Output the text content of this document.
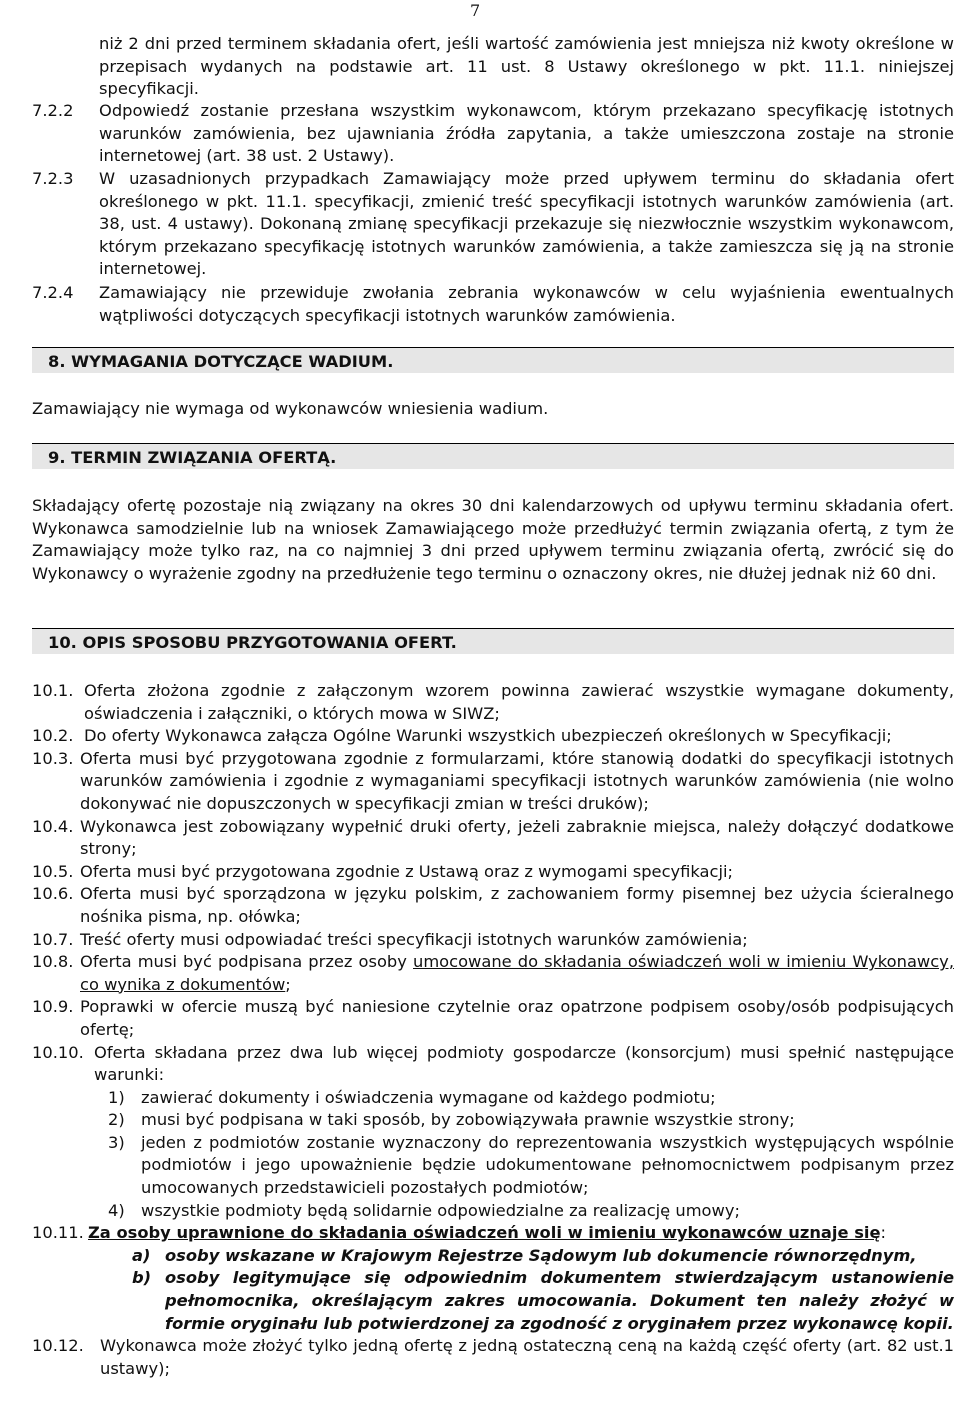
7
niż 2 dni przed terminem składania ofert, jeśli wartość zamówienia jest mniejsza niż kwoty określone w przepisach wydanych na podstawie art. 11 ust. 8 Ustawy określonego w pkt. 11.1. niniejszej specyfikacji.
7.2.2	Odpowiedź zostanie przesłana wszystkim wykonawcom, którym przekazano specyfikację istotnych warunków zamówienia, bez ujawniania źródła zapytania, a także umieszczona zostaje na stronie internetowej (art. 38 ust. 2 Ustawy).
7.2.3	W uzasadnionych przypadkach Zamawiający może przed upływem terminu do składania ofert określonego w pkt. 11.1. specyfikacji, zmienić treść specyfikacji istotnych warunków zamówienia (art. 38, ust. 4 ustawy). Dokonaną zmianę specyfikacji przekazuje się niezwłocznie wszystkim wykonawcom, którym przekazano specyfikację istotnych warunków zamówienia, a także zamieszcza się ją na stronie internetowej.
7.2.4	Zamawiający nie przewiduje zwołania zebrania wykonawców w celu wyjaśnienia ewentualnych wątpliwości dotyczących specyfikacji istotnych warunków zamówienia.
8. WYMAGANIA DOTYCZĄCE WADIUM.
Zamawiający nie wymaga od wykonawców wniesienia wadium.
9. TERMIN ZWIĄZANIA OFERTĄ.
Składający ofertę pozostaje nią związany na okres 30 dni kalendarzowych od upływu terminu składania ofert. Wykonawca samodzielnie lub na wniosek Zamawiającego może przedłużyć termin związania ofertą, z tym że Zamawiający może tylko raz, na co najmniej 3 dni przed upływem terminu związania ofertą, zwrócić się do Wykonawcy o wyrażenie zgodny na przedłużenie tego terminu o oznaczony okres, nie dłużej jednak niż 60 dni.
10. OPIS SPOSOBU PRZYGOTOWANIA OFERT.
10.1. Oferta złożona zgodnie z załączonym wzorem powinna zawierać wszystkie wymagane dokumenty, oświadczenia i załączniki, o których mowa w SIWZ;
10.2. Do oferty Wykonawca załącza Ogólne Warunki wszystkich ubezpieczeń określonych w Specyfikacji;
10.3. Oferta musi być przygotowana zgodnie z formularzami, które stanowią dodatki do specyfikacji istotnych warunków zamówienia i zgodnie z wymaganiami specyfikacji istotnych warunków zamówienia (nie wolno dokonywać nie dopuszczonych w specyfikacji zmian w treści druków);
10.4. Wykonawca jest zobowiązany wypełnić druki oferty, jeżeli zabraknie miejsca, należy dołączyć dodatkowe strony;
10.5. Oferta musi być przygotowana zgodnie z Ustawą oraz z wymogami specyfikacji;
10.6. Oferta musi być sporządzona w języku polskim, z zachowaniem formy pisemnej bez użycia ścieralnego nośnika pisma, np. ołówka;
10.7. Treść oferty musi odpowiadać treści specyfikacji istotnych warunków zamówienia;
10.8. Oferta musi być podpisana przez osoby umocowane do składania oświadczeń woli w imieniu Wykonawcy, co wynika z dokumentów;
10.9. Poprawki w ofercie muszą być naniesione czytelnie oraz opatrzone podpisem osoby/osób podpisujących ofertę;
10.10. Oferta składana przez dwa lub więcej podmioty gospodarcze (konsorcjum) musi spełnić następujące warunki:
1) zawierać dokumenty i oświadczenia wymagane od każdego podmiotu;
2) musi być podpisana w taki sposób, by zobowiązywała prawnie wszystkie strony;
3) jeden z podmiotów zostanie wyznaczony do reprezentowania wszystkich występujących wspólnie podmiotów i jego upoważnienie będzie udokumentowane pełnomocnictwem podpisanym przez umocowanych przedstawicieli pozostałych podmiotów;
4) wszystkie podmioty będą solidarnie odpowiedzialne za realizację umowy;
10.11. Za osoby uprawnione do składania oświadczeń woli w imieniu wykonawców uznaje się:
a) osoby wskazane w Krajowym Rejestrze Sądowym lub dokumencie równorzędnym,
b) osoby legitymujące się odpowiednim dokumentem stwierdzającym ustanowienie pełnomocnika, określającym zakres umocowania. Dokument ten należy złożyć w formie oryginału lub potwierdzonej za zgodność z oryginałem przez wykonawcę kopii.
10.12. Wykonawca może złożyć tylko jedną ofertę z jedną ostateczną ceną na każdą część oferty (art. 82 ust.1 ustawy);
